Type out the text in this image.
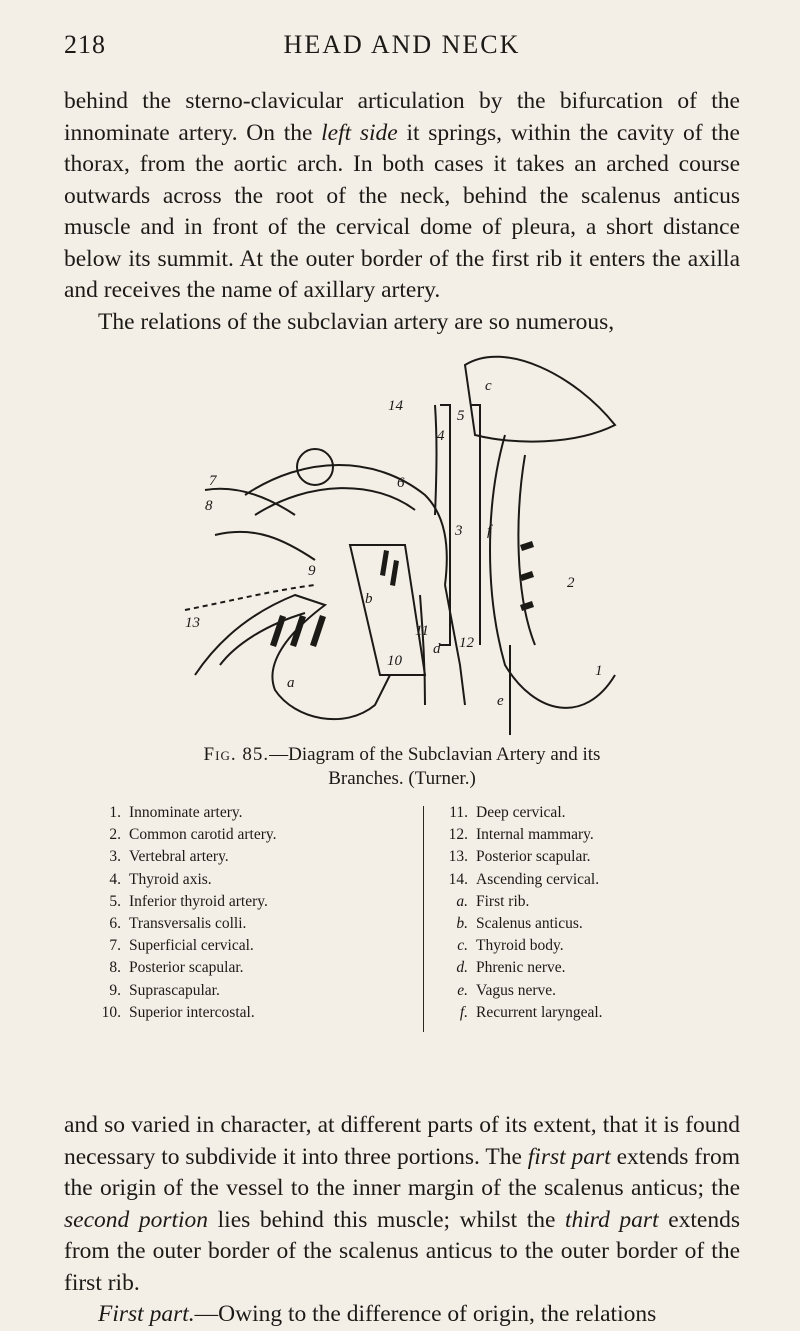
218	HEAD AND NECK

behind the sterno-clavicular articulation by the bifurcation of the innominate artery. On the left side it springs, within the cavity of the thorax, from the aortic arch. In both cases it takes an arched course outwards across the root of the neck, behind the scalenus anticus muscle and in front of the cervical dome of pleura, a short distance below its summit. At the outer border of the first rib it enters the axilla and receives the name of axillary artery.

The relations of the subclavian artery are so numerous,

14
c
5
4
7	6
3 f
8
9
2
13
b
11
12
a
10
d
e
1
Fig. 85.—Diagram of the Subclavian Artery and its
Branches. (Turner.)
1. Innominate artery.
2. Common carotid artery.
3. Vertebral artery.
4. Thyroid axis.
5. Inferior thyroid artery.
6. Transversalis colli.
7. Superficial cervical.
8. Posterior scapular.
9. Suprascapular.
10. Superior intercostal.
11. Deep cervical.
12. Internal mammary.
13. Posterior scapular.
14. Ascending cervical.
a. First rib.
b. Scalenus anticus.
c. Thyroid body.
d. Phrenic nerve.
e. Vagus nerve.
f. Recurrent laryngeal.

and so varied in character, at different parts of its extent, that it is found necessary to subdivide it into three portions. The first part extends from the origin of the vessel to the inner margin of the scalenus anticus; the second portion lies behind this muscle; whilst the third part extends from the outer border of the scalenus anticus to the outer border of the first rib.

First part.—Owing to the difference of origin, the relations
